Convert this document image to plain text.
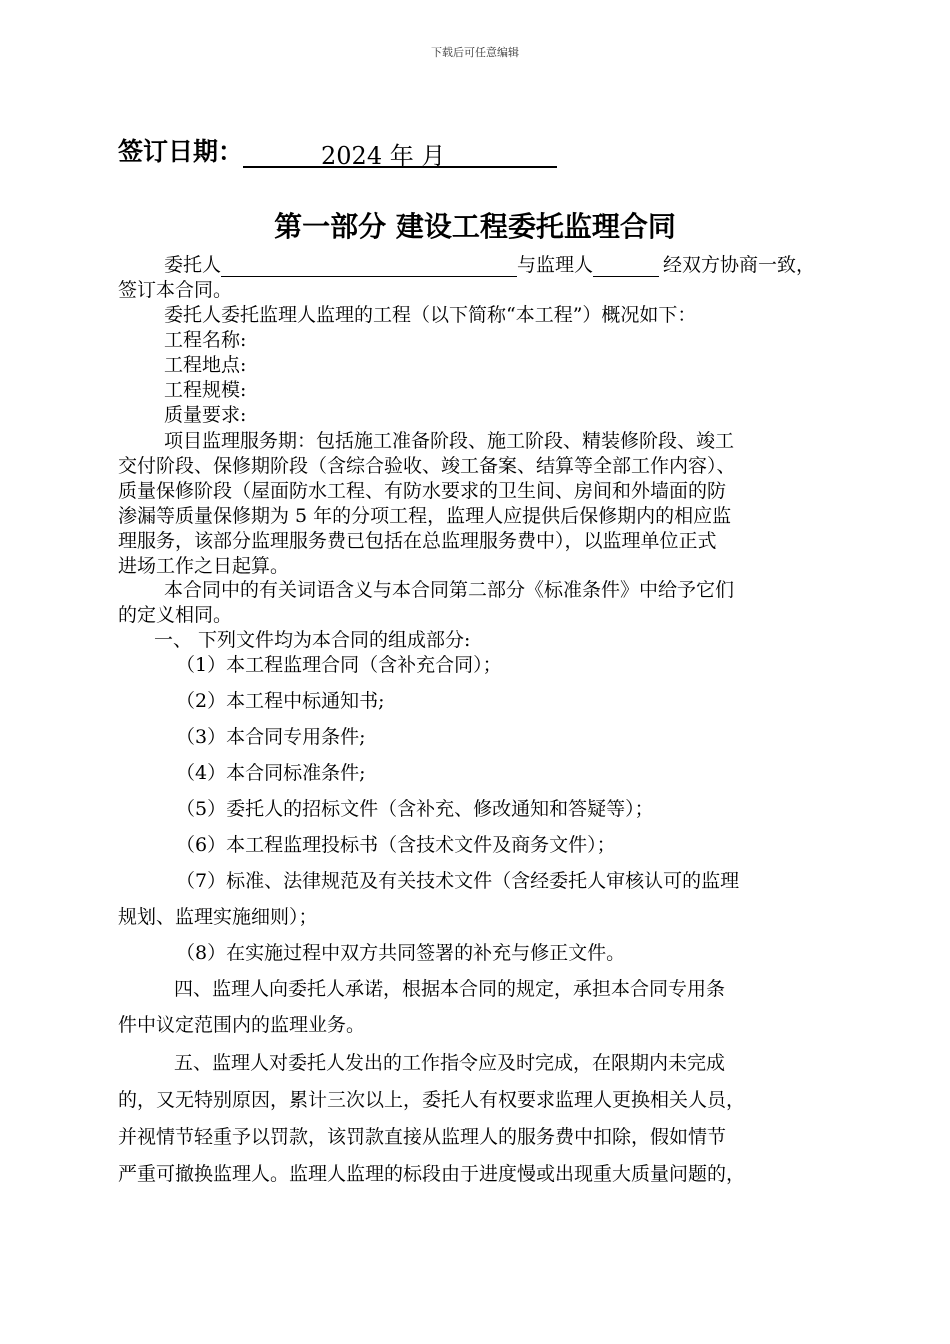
下载后可任意编辑
签订日期：	2024 年 月
第一部分 建设工程委托监理合同
委托人	与监理人	经双方协商一致，
签订本合同。
委托人委托监理人监理的工程（以下简称“本工程”）概况如下：
工程名称:
工程地点:
工程规模:
质量要求:
项目监理服务期：包括施工准备阶段、施工阶段、精装修阶段、竣工
交付阶段、保修期阶段（含综合验收、竣工备案、结算等全部工作内容）、
质量保修阶段（屋面防水工程、有防水要求的卫生间、房间和外墙面的防
渗漏等质量保修期为 5 年的分项工程，监理人应提供后保修期内的相应监
理服务，该部分监理服务费已包括在总监理服务费中），以监理单位正式
进场工作之日起算。
本合同中的有关词语含义与本合同第二部分《标准条件》中给予它们
的定义相同。
一、 下列文件均为本合同的组成部分:
（1）本工程监理合同（含补充合同）；
（2）本工程中标通知书;
（3）本合同专用条件;
（4）本合同标准条件;
（5）委托人的招标文件（含补充、修改通知和答疑等）；
（6）本工程监理投标书（含技术文件及商务文件）；
（7）标准、法律规范及有关技术文件（含经委托人审核认可的监理
规划、监理实施细则）；
（8）在实施过程中双方共同签署的补充与修正文件。
四、监理人向委托人承诺，根据本合同的规定，承担本合同专用条
件中议定范围内的监理业务。
五、监理人对委托人发出的工作指令应及时完成，在限期内未完成
的，又无特别原因，累计三次以上，委托人有权要求监理人更换相关人员，
并视情节轻重予以罚款，该罚款直接从监理人的服务费中扣除，假如情节
严重可撤换监理人。监理人监理的标段由于进度慢或出现重大质量问题的，
